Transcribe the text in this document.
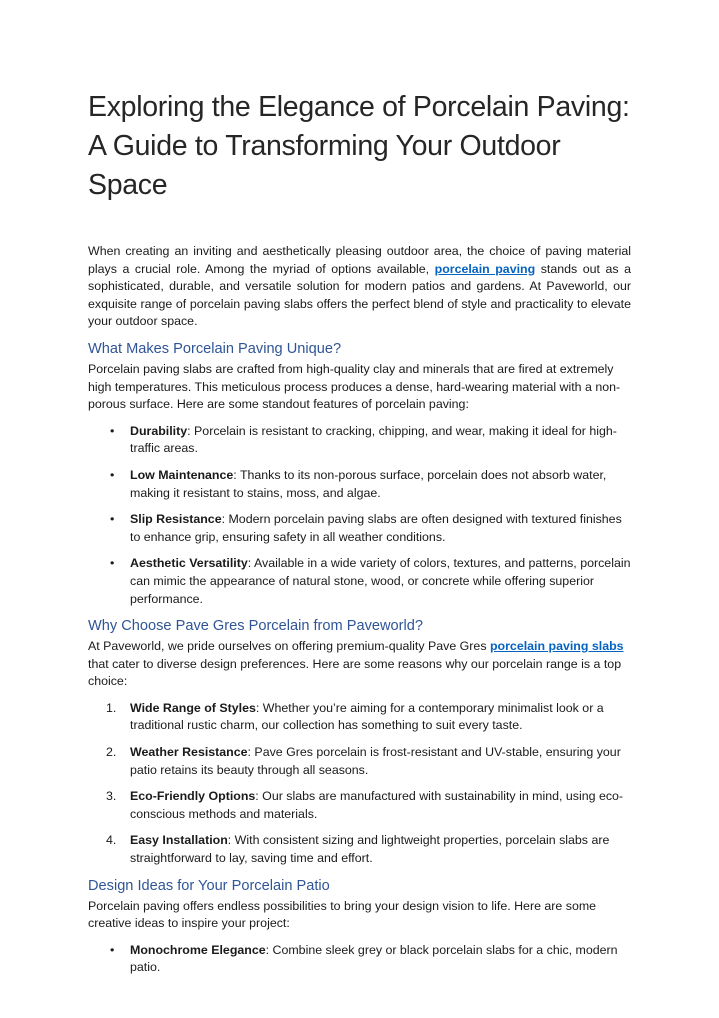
Exploring the Elegance of Porcelain Paving: A Guide to Transforming Your Outdoor Space

When creating an inviting and aesthetically pleasing outdoor area, the choice of paving material plays a crucial role. Among the myriad of options available, porcelain paving stands out as a sophisticated, durable, and versatile solution for modern patios and gardens. At Paveworld, our exquisite range of porcelain paving slabs offers the perfect blend of style and practicality to elevate your outdoor space.

What Makes Porcelain Paving Unique?

Porcelain paving slabs are crafted from high-quality clay and minerals that are fired at extremely high temperatures. This meticulous process produces a dense, hard-wearing material with a non-porous surface. Here are some standout features of porcelain paving:

• Durability: Porcelain is resistant to cracking, chipping, and wear, making it ideal for high-traffic areas.
• Low Maintenance: Thanks to its non-porous surface, porcelain does not absorb water, making it resistant to stains, moss, and algae.
• Slip Resistance: Modern porcelain paving slabs are often designed with textured finishes to enhance grip, ensuring safety in all weather conditions.
• Aesthetic Versatility: Available in a wide variety of colors, textures, and patterns, porcelain can mimic the appearance of natural stone, wood, or concrete while offering superior performance.
Why Choose Pave Gres Porcelain from Paveworld?

At Paveworld, we pride ourselves on offering premium-quality Pave Gres porcelain paving slabs that cater to diverse design preferences. Here are some reasons why our porcelain range is a top choice:

1. Wide Range of Styles: Whether you’re aiming for a contemporary minimalist look or a traditional rustic charm, our collection has something to suit every taste.
2. Weather Resistance: Pave Gres porcelain is frost-resistant and UV-stable, ensuring your patio retains its beauty through all seasons.
3. Eco-Friendly Options: Our slabs are manufactured with sustainability in mind, using eco-conscious methods and materials.
4. Easy Installation: With consistent sizing and lightweight properties, porcelain slabs are straightforward to lay, saving time and effort.
Design Ideas for Your Porcelain Patio

Porcelain paving offers endless possibilities to bring your design vision to life. Here are some creative ideas to inspire your project:

• Monochrome Elegance: Combine sleek grey or black porcelain slabs for a chic, modern patio.
